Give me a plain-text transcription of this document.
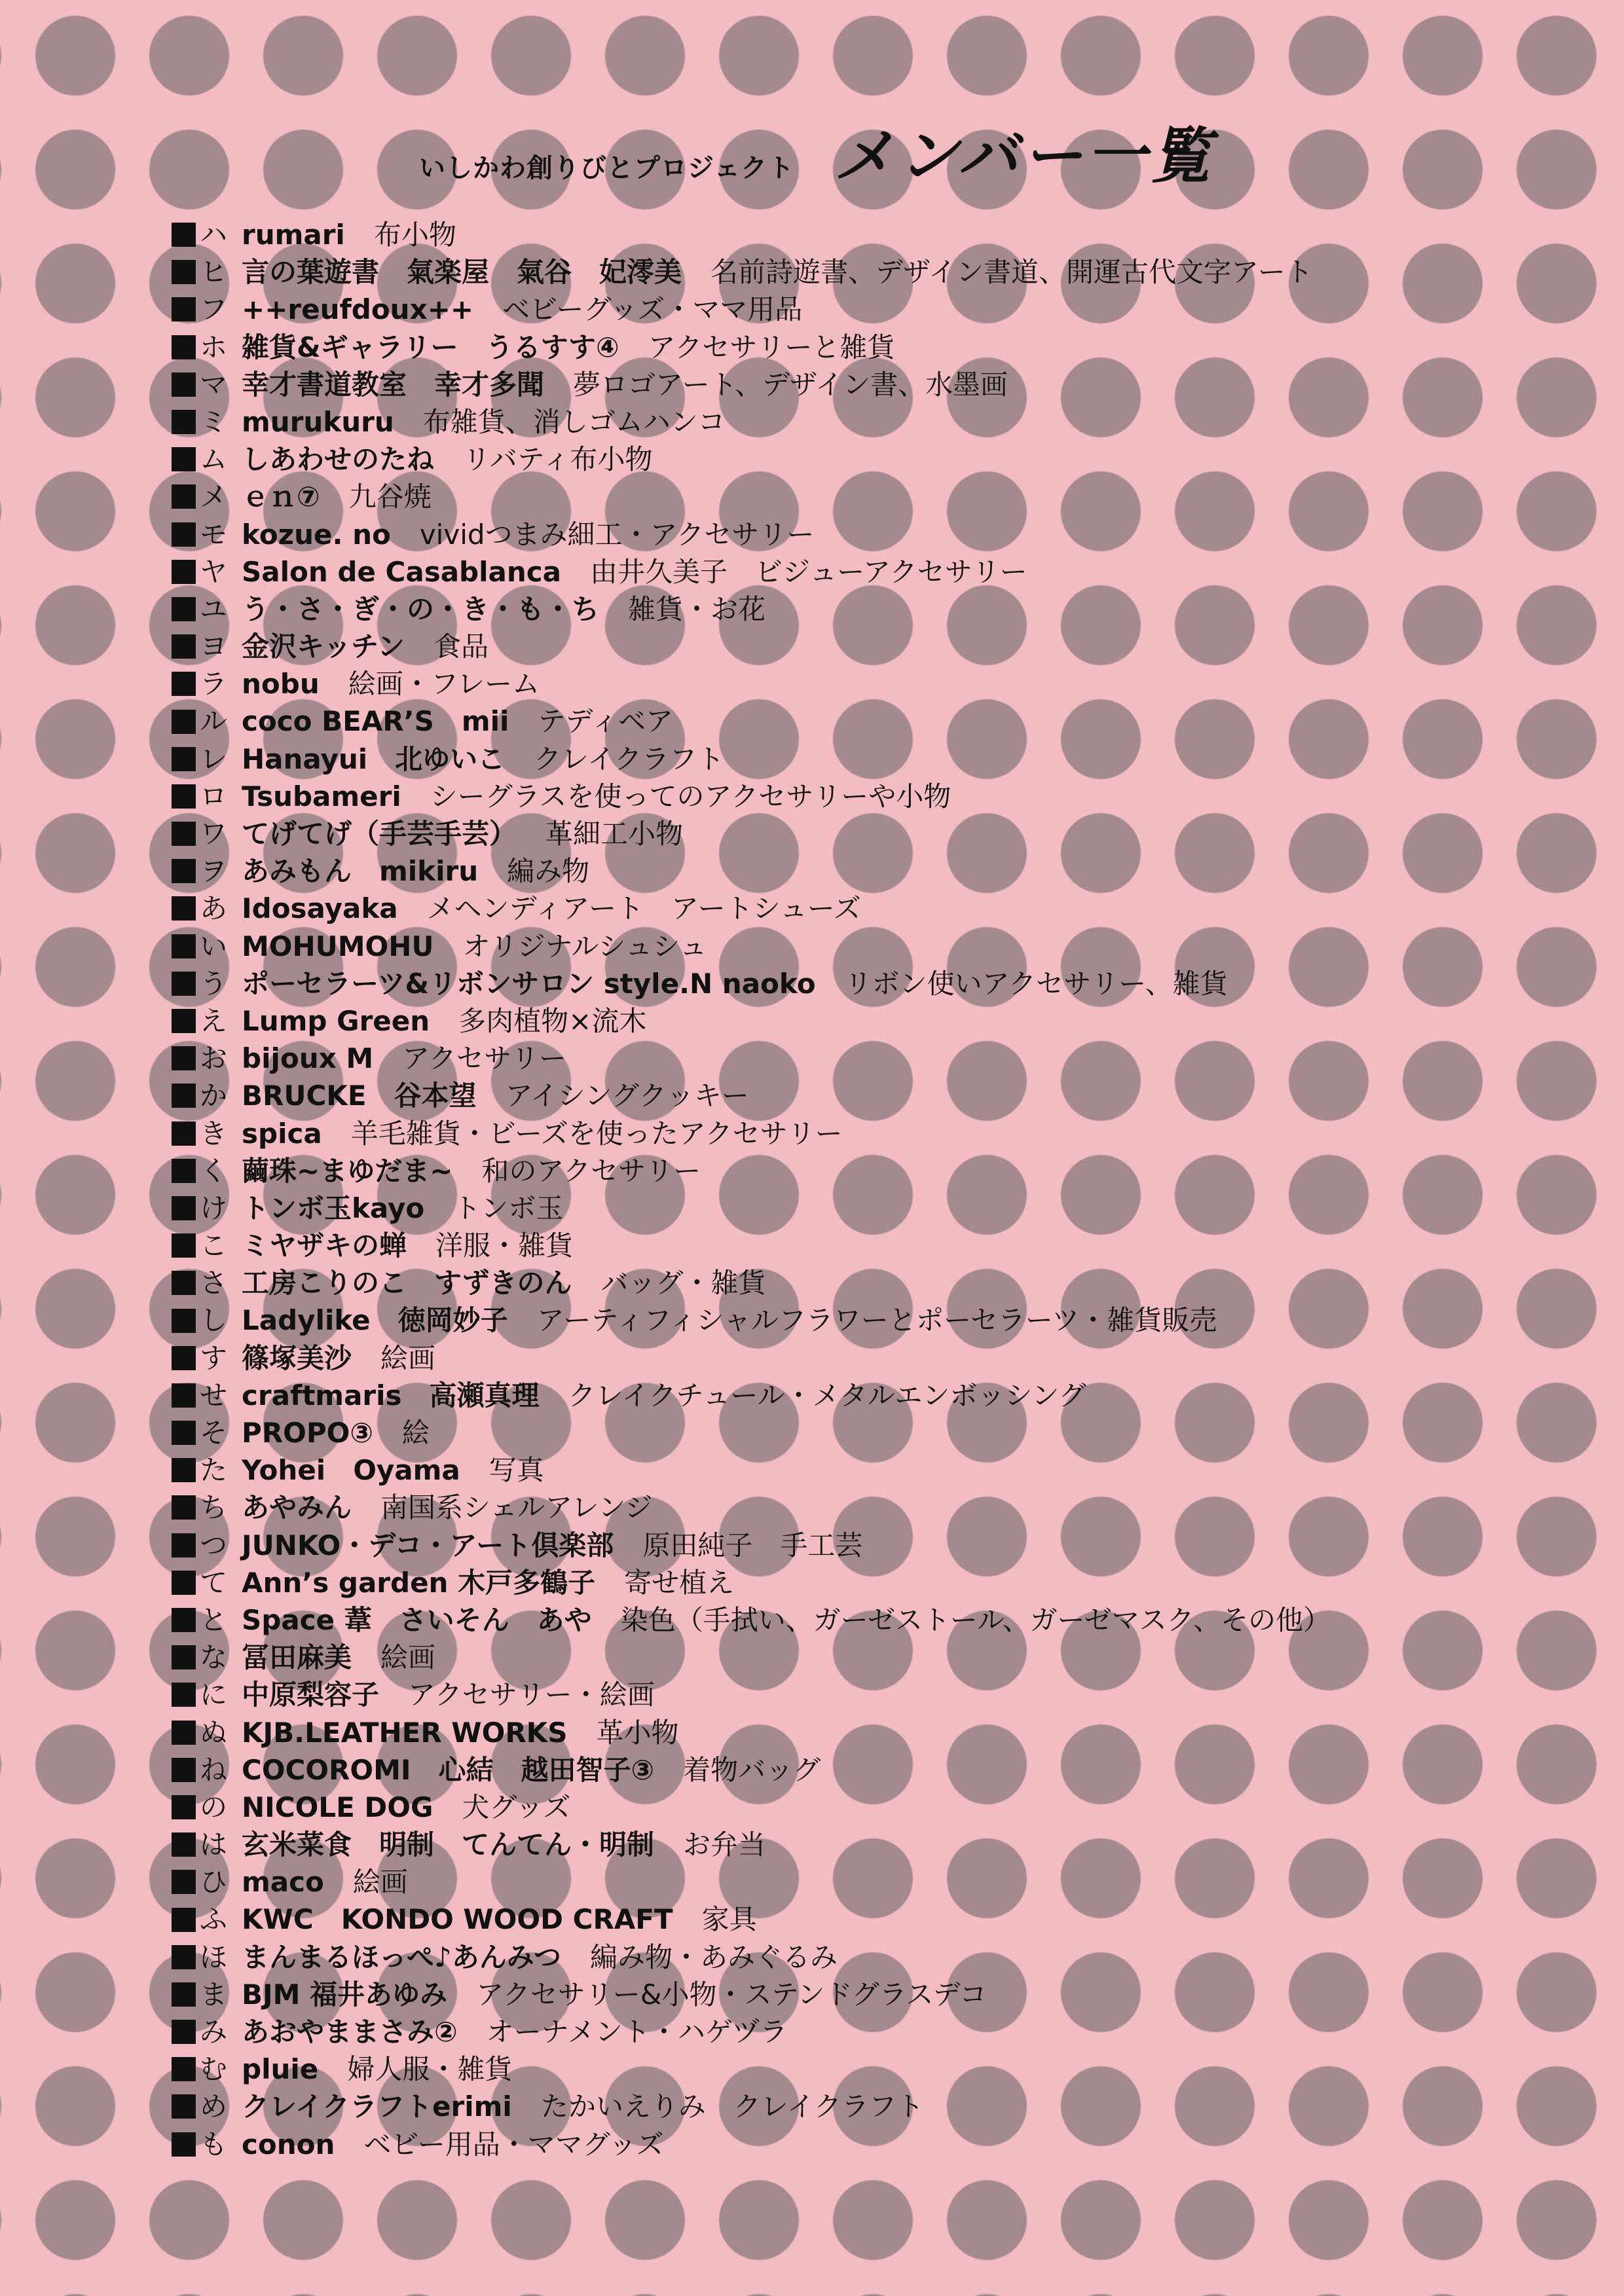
いしかわ創りびとプロジェクト メンバー一覧
ハ rumari 布小物
ヒ 言の葉遊書　氣楽屋　氣谷　妃澪美 名前詩遊書、デザイン書道、開運古代文字アート
フ ++reufdoux++ ベビーグッズ・ママ用品
ホ 雑貨&ギャラリー　うるすす④ アクセサリーと雑貨
マ 幸才書道教室　幸才多聞 夢ロゴアート、デザイン書、水墨画
ミ murukuru 布雑貨、消しゴムハンコ
ム しあわせのたね リバティ布小物
メ ｅｎ⑦ 九谷焼
モ kozue. no vividつまみ細工・アクセサリー
ヤ Salon de Casablanca 由井久美子　ビジューアクセサリー
ユ う・さ・ぎ・の・き・も・ち 雑貨・お花
ヨ 金沢キッチン 食品
ラ nobu 絵画・フレーム
ル coco BEAR’S　mii テディベア
レ Hanayui　北ゆいこ クレイクラフト
ロ Tsubameri シーグラスを使ってのアクセサリーや小物
ワ てげてげ（手芸手芸） 革細工小物
ヲ あみもん　mikiru 編み物
あ Idosayaka メヘンディアート　アートシューズ
い MOHUMOHU オリジナルシュシュ
う ポーセラーツ&リボンサロン style.N naoko リボン使いアクセサリー、雑貨
え Lump Green 多肉植物×流木
お bijoux M アクセサリー
か BRUCKE　谷本望 アイシングクッキー
き spica 羊毛雑貨・ビーズを使ったアクセサリー
く 繭珠~まゆだま~ 和のアクセサリー
け トンボ玉kayo トンボ玉
こ ミヤザキの蝉 洋服・雑貨
さ 工房こりのこ　すずきのん バッグ・雑貨
し Ladylike　徳岡妙子 アーティフィシャルフラワーとポーセラーツ・雑貨販売
す 篠塚美沙 絵画
せ craftmaris　高瀬真理 クレイクチュール・メタルエンボッシング
そ PROPO③ 絵
た Yohei　Oyama 写真
ち あやみん 南国系シェルアレンジ
つ JUNKO・デコ・アート倶楽部 原田純子　手工芸
て Ann’s garden 木戸多鶴子 寄せ植え
と Space 葦　さいそん　あや 染色（手拭い、ガーゼストール、ガーゼマスク、その他）
な 冨田麻美 絵画
に 中原梨容子 アクセサリー・絵画
ぬ KJB.LEATHER WORKS 革小物
ね COCOROMI　心結　越田智子③ 着物バッグ
の NICOLE DOG 犬グッズ
は 玄米菜食　明制　てんてん・明制 お弁当
ひ maco 絵画
ふ KWC　KONDO WOOD CRAFT 家具
ほ まんまるほっぺ♪あんみつ 編み物・あみぐるみ
ま BJM 福井あゆみ アクセサリー&小物・ステンドグラスデコ
み あおやままさみ② オーナメント・ハゲヅラ
む pluie 婦人服・雑貨
め クレイクラフトerimi たかいえりみ　クレイクラフト
も conon ベビー用品・ママグッズ
